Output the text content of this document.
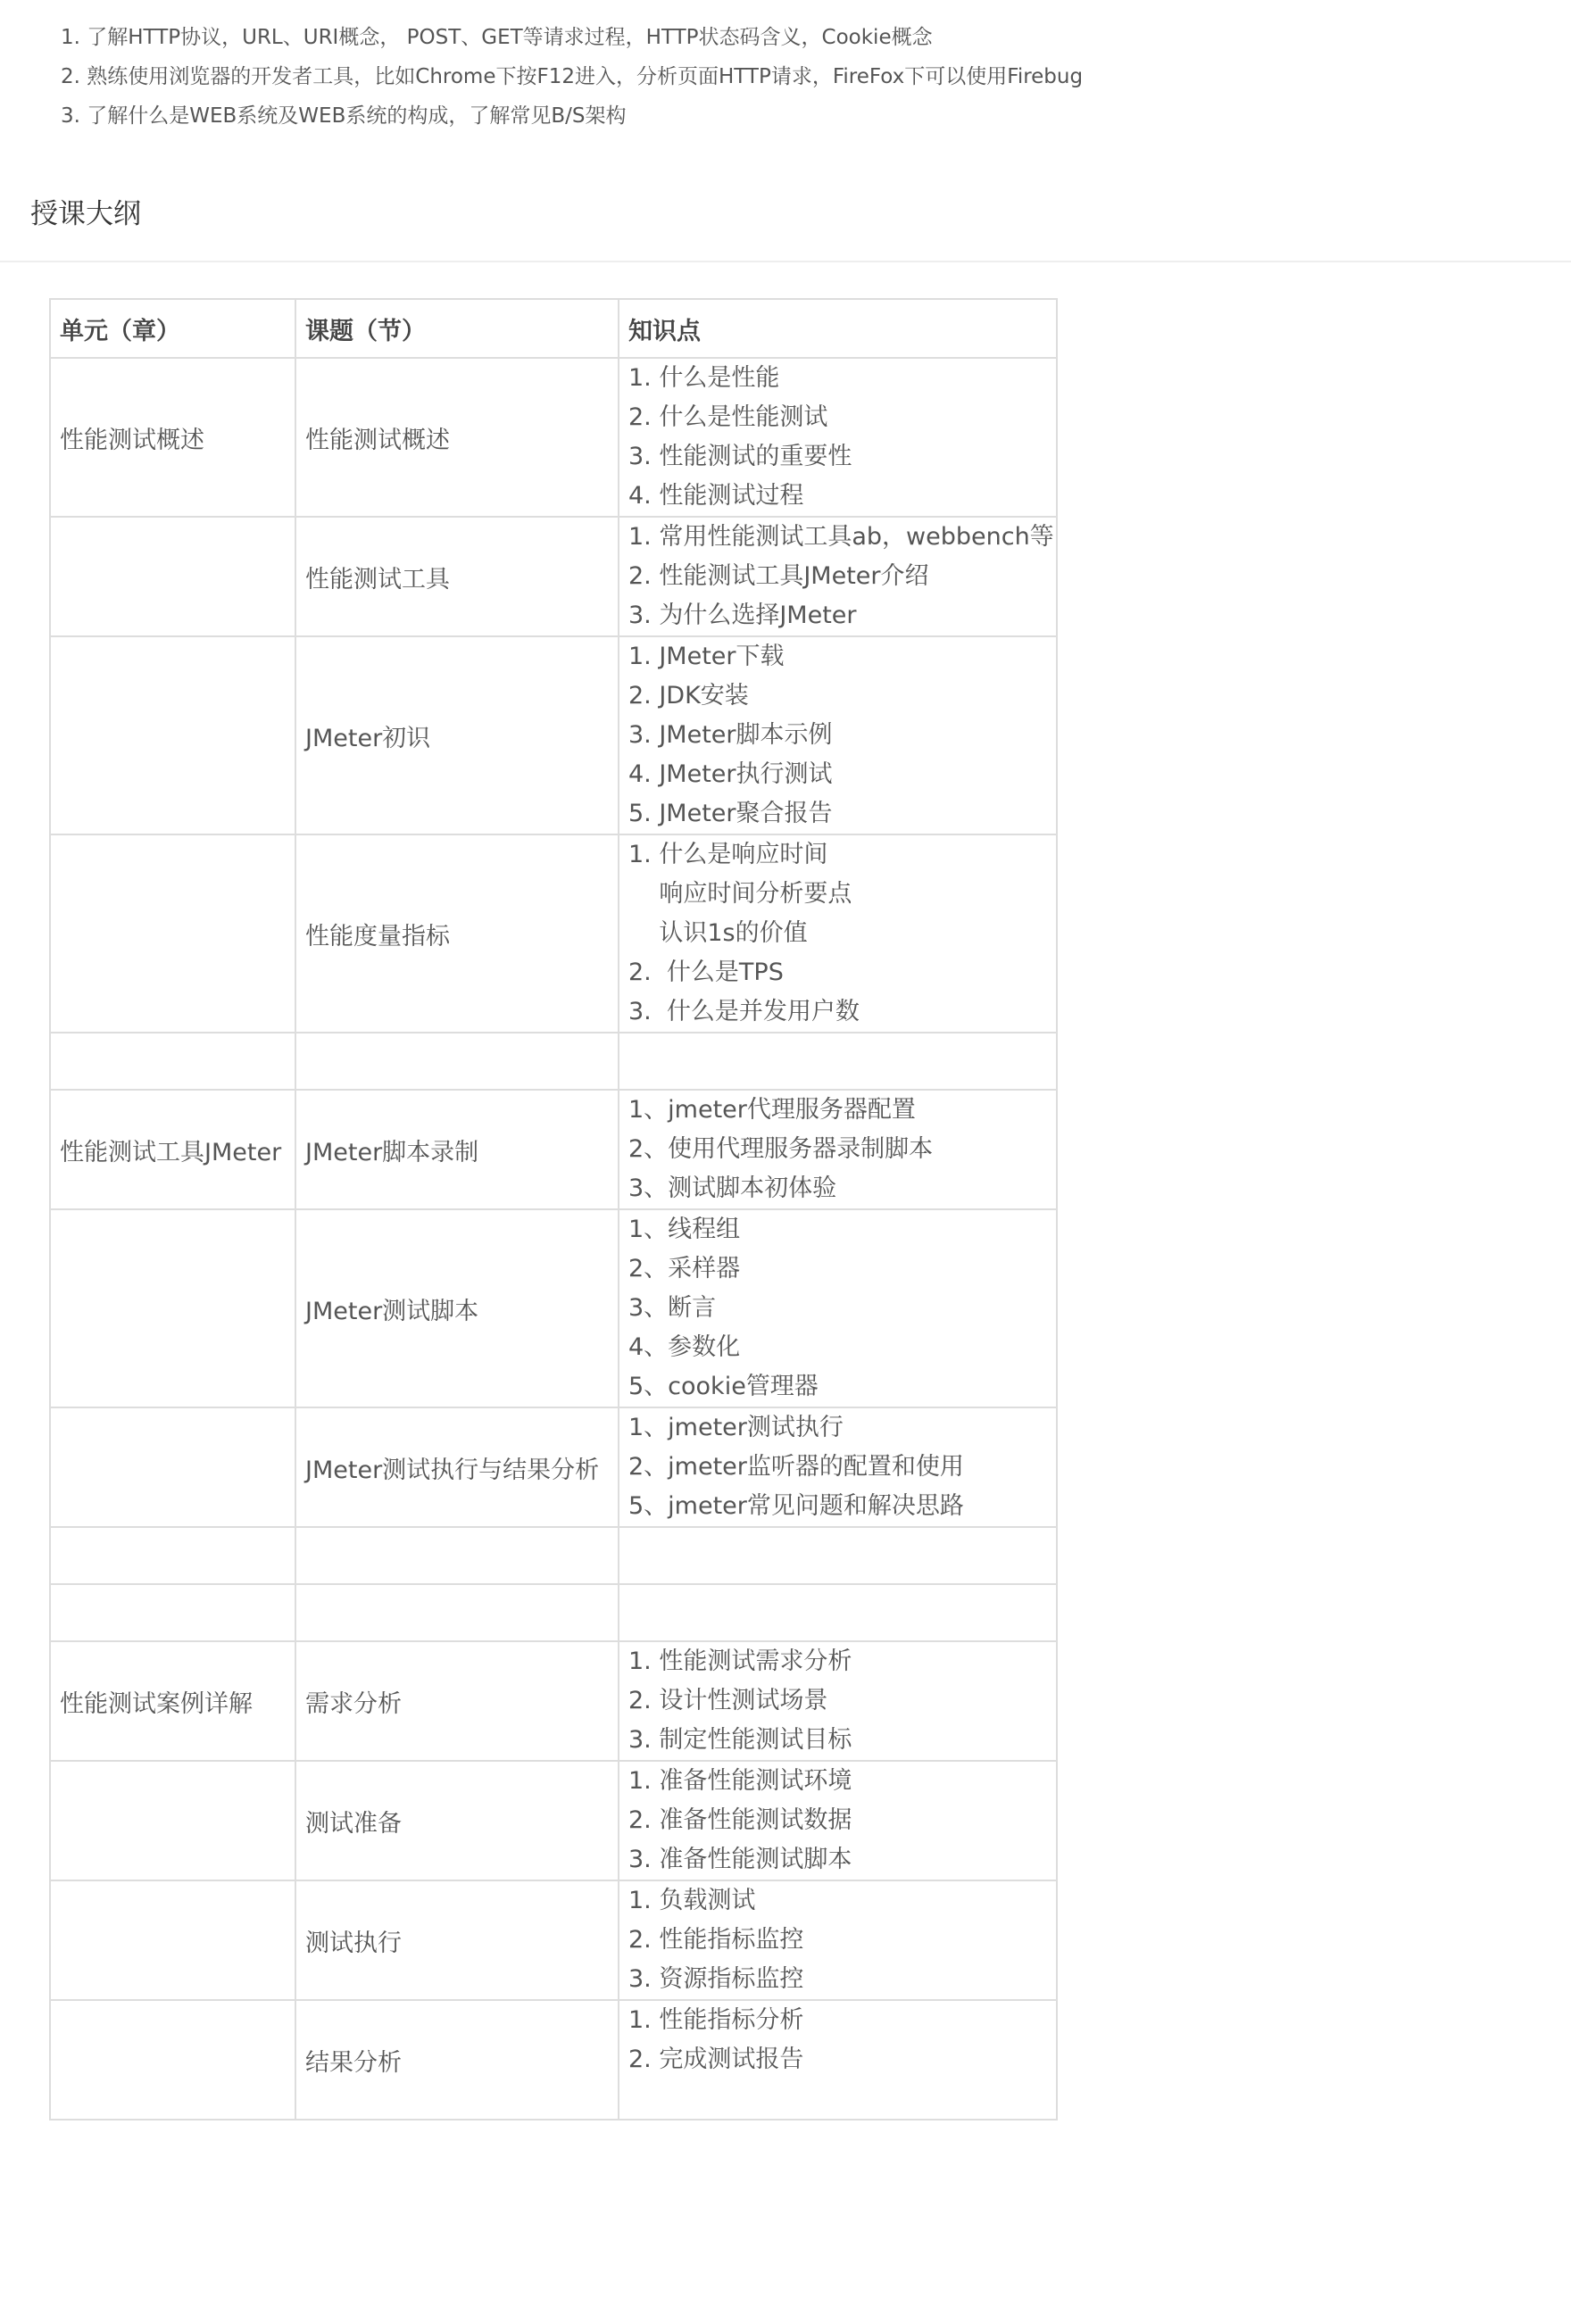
1. 了解HTTP协议，URL、URI概念， POST、GET等请求过程，HTTP状态码含义，Cookie概念
2. 熟练使用浏览器的开发者工具，比如Chrome下按F12进入，分析页面HTTP请求，FireFox下可以使用Firebug
3. 了解什么是WEB系统及WEB系统的构成，了解常见B/S架构
授课大纲
单元（章）	课题（节）	知识点
性能测试概述	性能测试概述	1. 什么是性能
2. 什么是性能测试
3. 性能测试的重要性
4. 性能测试过程

	性能测试工具	1. 常用性能测试工具ab，webbench等
2. 性能测试工具JMeter介绍
3. 为什么选择JMeter

	JMeter初识	1. JMeter下载
2. JDK安装
3. JMeter脚本示例
4. JMeter执行测试
5. JMeter聚合报告

	性能度量指标	1. 什么是响应时间
响应时间分析要点
认识1s的价值
2.  什么是TPS
3.  什么是并发用户数

性能测试工具JMeter	JMeter脚本录制	1、jmeter代理服务器配置
2、使用代理服务器录制脚本
3、测试脚本初体验

	JMeter测试脚本	1、线程组
2、采样器
3、断言
4、参数化
5、cookie管理器

	JMeter测试执行与结果分析	1、jmeter测试执行
2、jmeter监听器的配置和使用
5、jmeter常见问题和解决思路

性能测试案例详解	需求分析	1. 性能测试需求分析
2. 设计性测试场景
3. 制定性能测试目标

	测试准备	1. 准备性能测试环境
2. 准备性能测试数据
3. 准备性能测试脚本

	测试执行	1. 负载测试
2. 性能指标监控
3. 资源指标监控

	结果分析	1. 性能指标分析
2. 完成测试报告
